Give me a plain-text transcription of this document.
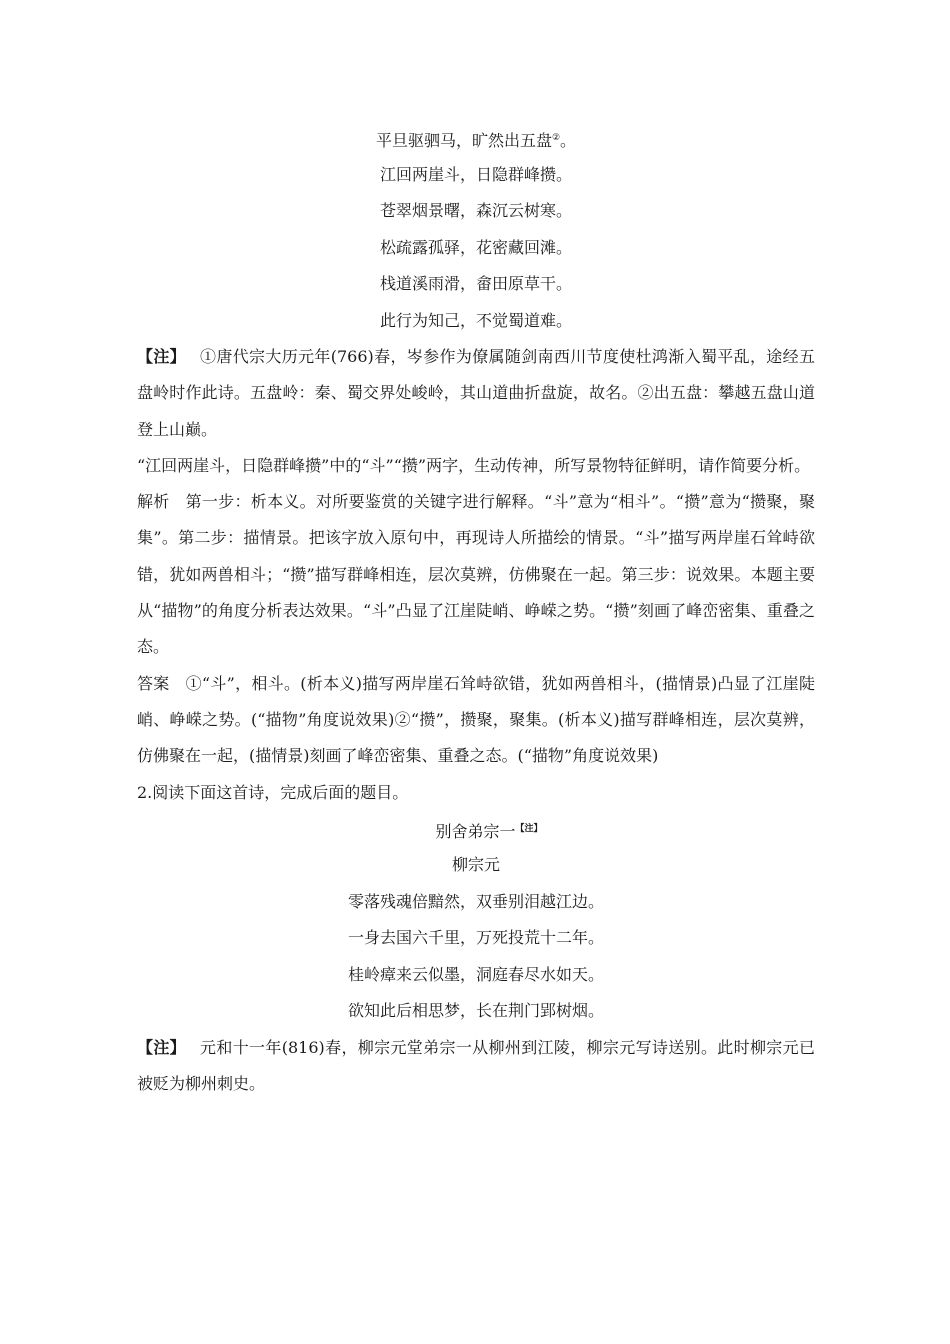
平旦驱驷马，旷然出五盘②。
江回两崖斗，日隐群峰攒。
苍翠烟景曙，森沉云树寒。
松疏露孤驿，花密藏回滩。
栈道溪雨滑，畲田原草干。
此行为知己，不觉蜀道难。

【注】 ①唐代宗大历元年(766)春，岑参作为僚属随剑南西川节度使杜鸿渐入蜀平乱，途经五盘岭时作此诗。五盘岭：秦、蜀交界处峻岭，其山道曲折盘旋，故名。②出五盘：攀越五盘山道登上山巅。

“江回两崖斗，日隐群峰攒”中的“斗”“攒”两字，生动传神，所写景物特征鲜明，请作简要分析。

解析 第一步：析本义。对所要鉴赏的关键字进行解释。“斗”意为“相斗”。“攒”意为“攒聚，聚集”。第二步：描情景。把该字放入原句中，再现诗人所描绘的情景。“斗”描写两岸崖石耸峙欲错，犹如两兽相斗；“攒”描写群峰相连，层次莫辨，仿佛聚在一起。第三步：说效果。本题主要从“描物”的角度分析表达效果。“斗”凸显了江崖陡峭、峥嵘之势。“攒”刻画了峰峦密集、重叠之态。

答案 ①“斗”，相斗。(析本义)描写两岸崖石耸峙欲错，犹如两兽相斗，(描情景)凸显了江崖陡峭、峥嵘之势。(“描物”角度说效果)②“攒”，攒聚，聚集。(析本义)描写群峰相连，层次莫辨，仿佛聚在一起，(描情景)刻画了峰峦密集、重叠之态。(“描物”角度说效果)

2.阅读下面这首诗，完成后面的题目。

别舍弟宗一$^{【注】}$
柳宗元
零落残魂倍黯然，双垂别泪越江边。
一身去国六千里，万死投荒十二年。
桂岭瘴来云似墨，洞庭春尽水如天。
欲知此后相思梦，长在荆门郢树烟。

【注】 元和十一年(816)春，柳宗元堂弟宗一从柳州到江陵，柳宗元写诗送别。此时柳宗元已被贬为柳州刺史。
